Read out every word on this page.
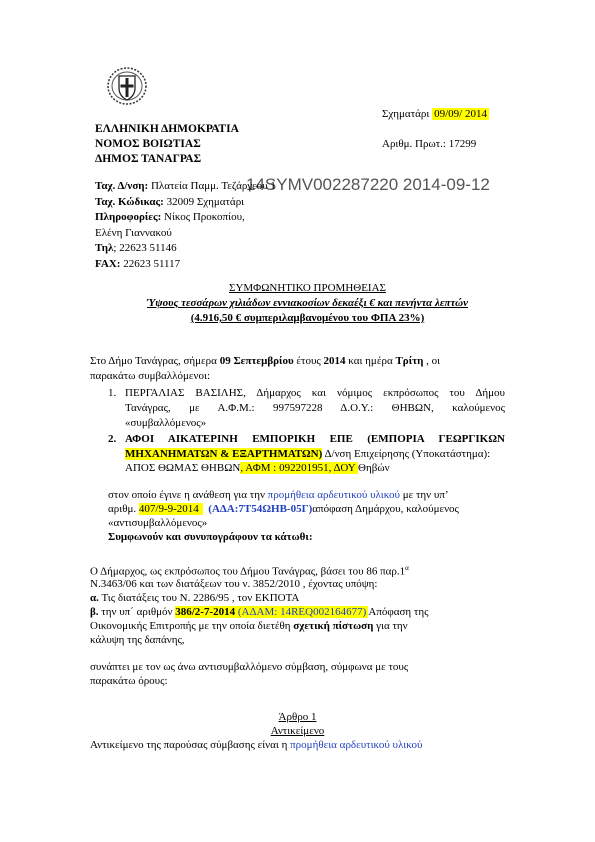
ΕΛΛΗΝΙΚΗ ΔΗΜΟΚΡΑΤΙΑ
ΝΟΜΟΣ ΒΟΙΩΤΙΑΣ
ΔΗΜΟΣ ΤΑΝΑΓΡΑΣ
Σχηματάρι 09/09/ 2014
Αριθμ. Πρωτ.: 17299
14SYMV002287220 2014-09-12
Ταχ. Δ/νση: Πλατεία Παμμ. Τεζάργεου 1
Ταχ. Κώδικας: 32009 Σχηματάρι
Πληροφορίες: Νίκος Προκοπίου,
Ελένη Γιαννακού
Τηλ; 22623 51146
FAX: 22623 51117
ΣΥΜΦΩΝΗΤΙΚΟ ΠΡΟΜΗΘΕΙΑΣ
Ύψους τεσσάρων χιλιάδων εννιακοσίων δεκαέξι € και πενήντα λεπτών
(4.916,50 € συμπεριλαμβανομένου του ΦΠΑ 23%)
Στο Δήμο Τανάγρας, σήμερα 09 Σεπτεμβρίου έτους 2014 και ημέρα Τρίτη , οι
παρακάτω συμβαλλόμενοι:
1. ΠΕΡΓΑΛΙΑΣ ΒΑΣΙΛΗΣ, Δήμαρχος και νόμιμος εκπρόσωπος του Δήμου
Τανάγρας, με Α.Φ.Μ.: 997597228 Δ.Ο.Υ.: ΘΗΒΩΝ, καλούμενος
«συμβαλλόμενος»
2. ΑΦΟΙ ΑΙΚΑΤΕΡΙΝΗ ΕΜΠΟΡΙΚΗ ΕΠΕ (ΕΜΠΟΡΙΑ ΓΕΩΡΓΙΚΩΝ
ΜΗΧΑΝΗΜΑΤΩΝ & ΕΞΑΡΤΗΜΑΤΩΝ) Δ/νση Επιχείρησης (Υποκατάστημα):
ΑΠΟΣ ΘΩΜΑΣ ΘΗΒΩΝ, ΑΦΜ : 092201951, ΔΟΥ Θηβών
στον οποίο έγινε η ανάθεση για την προμήθεια αρδευτικού υλικού με την υπ’
αριθμ. 407/9-9-2014 (ΑΔΑ:7Τ54ΩΗΒ-05Γ)απόφαση Δημάρχου, καλούμενος
«αντισυμβαλλόμενος»
Συμφωνούν και συνυπογράφουν τα κάτωθι:
Ο Δήμαρχος, ως εκπρόσωπος του Δήμου Τανάγρας, βάσει του 86 $\pi\alpha\rho.1^\alpha$
Ν.3463/06 και των διατάξεων του ν. 3852/2010 , έχοντας υπόψη:
α. Τις διατάξεις του Ν. 2286/95 , τον ΕΚΠΟΤΑ
β. την υπ΄ αριθμόν 386/2-7-2014 (ΑΔΑΜ: 14REQ002164677) Απόφαση της
Οικονομικής Επιτροπής με την οποία διετέθη σχετική πίστωση για την
κάλυψη της δαπάνης,
συνάπτει με τον ως άνω αντισυμβαλλόμενο σύμβαση, σύμφωνα με τους
παρακάτω όρους:
Άρθρο 1
Αντικείμενο
Αντικείμενο της παρούσας σύμβασης είναι η προμήθεια αρδευτικού υλικού
